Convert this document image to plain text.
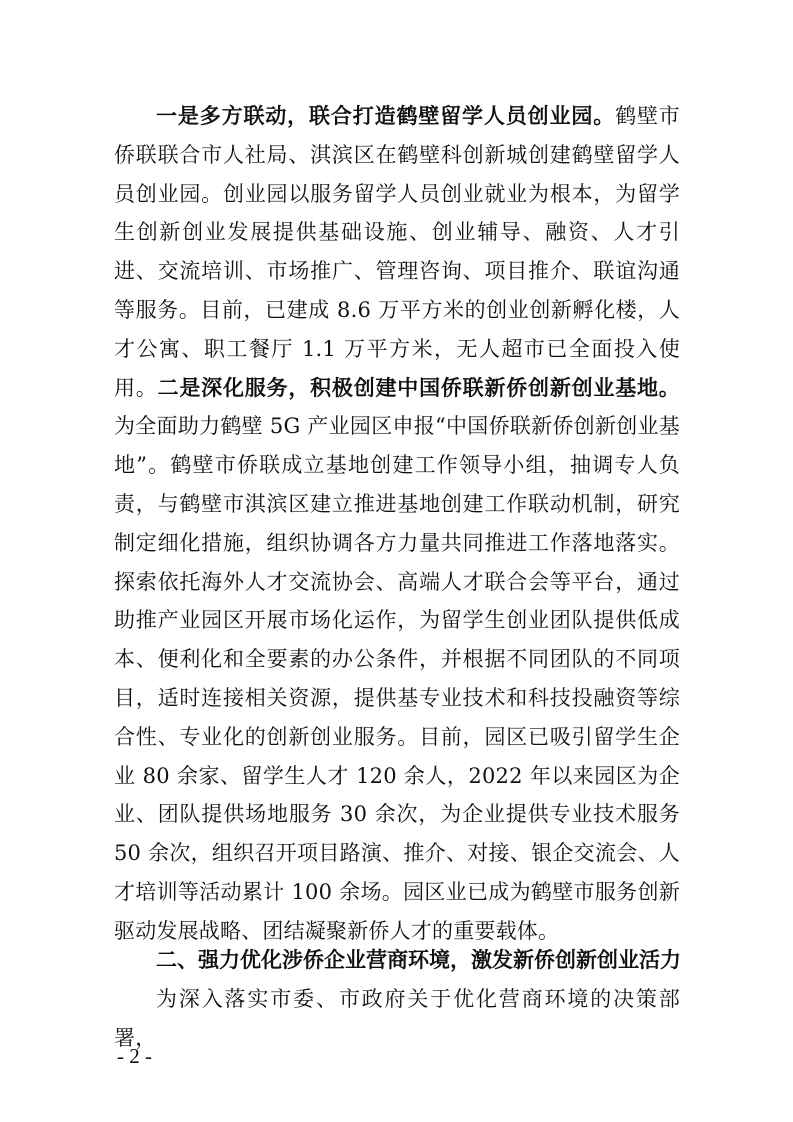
一是多方联动，联合打造鹤壁留学人员创业园。鹤壁市侨联联合市人社局、淇滨区在鹤壁科创新城创建鹤壁留学人员创业园。创业园以服务留学人员创业就业为根本，为留学生创新创业发展提供基础设施、创业辅导、融资、人才引进、交流培训、市场推广、管理咨询、项目推介、联谊沟通等服务。目前，已建成 8.6 万平方米的创业创新孵化楼，人才公寓、职工餐厅 1.1 万平方米，无人超市已全面投入使用。二是深化服务，积极创建中国侨联新侨创新创业基地。为全面助力鹤壁 5G 产业园区申报“中国侨联新侨创新创业基地”。鹤壁市侨联成立基地创建工作领导小组，抽调专人负责，与鹤壁市淇滨区建立推进基地创建工作联动机制，研究制定细化措施，组织协调各方力量共同推进工作落地落实。探索依托海外人才交流协会、高端人才联合会等平台，通过助推产业园区开展市场化运作，为留学生创业团队提供低成本、便利化和全要素的办公条件，并根据不同团队的不同项目，适时连接相关资源，提供基专业技术和科技投融资等综合性、专业化的创新创业服务。目前，园区已吸引留学生企业 80 余家、留学生人才 120 余人，2022 年以来园区为企业、团队提供场地服务 30 余次，为企业提供专业技术服务 50 余次，组织召开项目路演、推介、对接、银企交流会、人才培训等活动累计 100 余场。园区业已成为鹤壁市服务创新驱动发展战略、团结凝聚新侨人才的重要载体。

二、强力优化涉侨企业营商环境，激发新侨创新创业活力

为深入落实市委、市政府关于优化营商环境的决策部署，

- 2 -
